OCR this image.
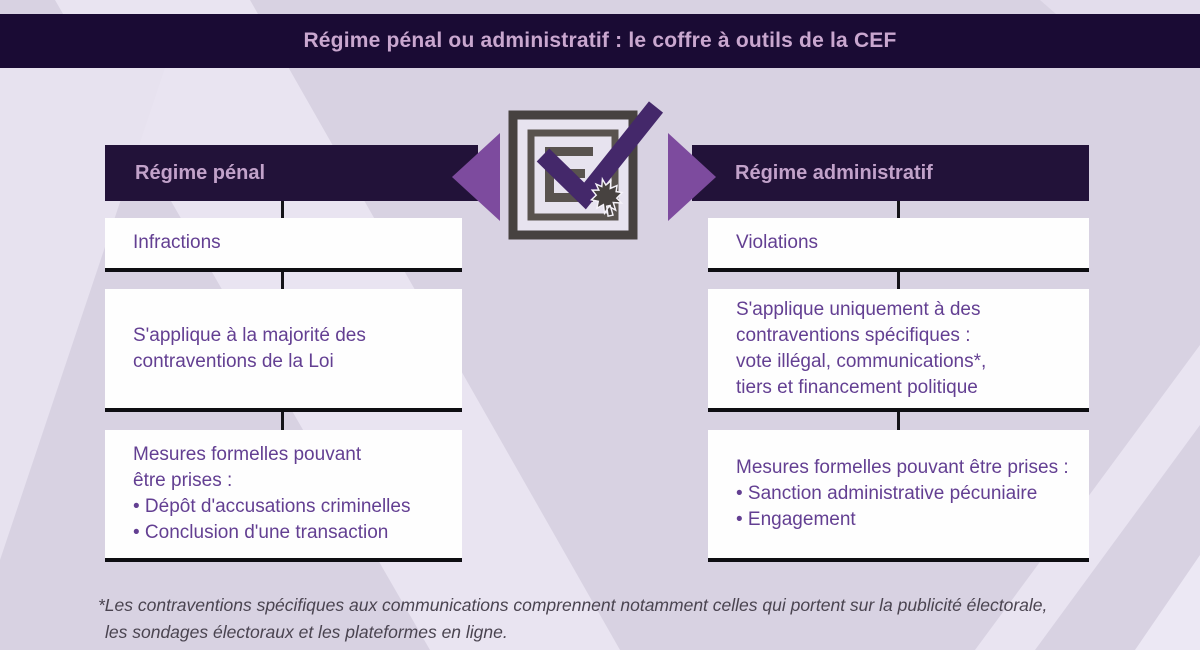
Régime pénal ou administratif : le coffre à outils de la CEF
Régime pénal	Régime administratif
Infractions
S'applique à la majorité des
contraventions de la Loi
Mesures formelles pouvant
être prises :
• Dépôt d'accusations criminelles
• Conclusion d'une transaction
Violations
S'applique uniquement à des
contraventions spécifiques :
vote illégal, communications*,
tiers et financement politique
Mesures formelles pouvant être prises :
• Sanction administrative pécuniaire
• Engagement
*Les contraventions spécifiques aux communications comprennent notamment celles qui portent sur la publicité électorale,
les sondages électoraux et les plateformes en ligne.
